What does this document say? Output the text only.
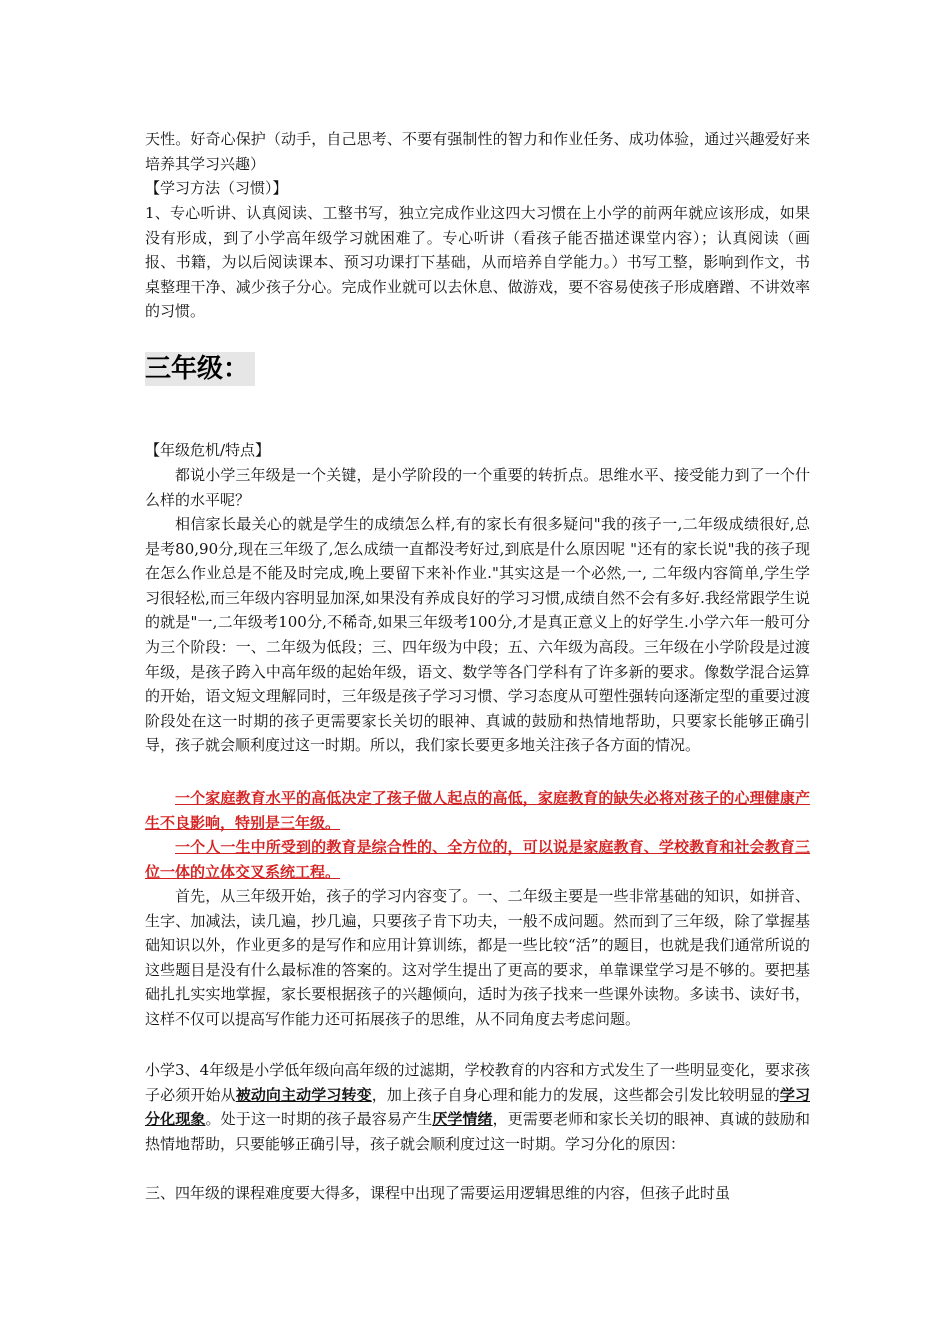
天性。好奇心保护（动手，自己思考、不要有强制性的智力和作业任务、成功体验，通过兴趣爱好来培养其学习兴趣）

【学习方法（习惯）】

1、专心听讲、认真阅读、工整书写，独立完成作业这四大习惯在上小学的前两年就应该形成，如果没有形成，到了小学高年级学习就困难了。专心听讲（看孩子能否描述课堂内容）；认真阅读（画报、书籍，为以后阅读课本、预习功课打下基础，从而培养自学能力。）书写工整，影响到作文，书桌整理干净、减少孩子分心。完成作业就可以去休息、做游戏，要不容易使孩子形成磨蹭、不讲效率的习惯。

三年级：

【年级危机/特点】

都说小学三年级是一个关键，是小学阶段的一个重要的转折点。思维水平、接受能力到了一个什么样的水平呢？

相信家长最关心的就是学生的成绩怎么样,有的家长有很多疑问"我的孩子一,二年级成绩很好,总是考80,90分,现在三年级了,怎么成绩一直都没考好过,到底是什么原因呢 "还有的家长说"我的孩子现在怎么作业总是不能及时完成,晚上要留下来补作业."其实这是一个必然,一, 二年级内容简单,学生学习很轻松,而三年级内容明显加深,如果没有养成良好的学习习惯,成绩自然不会有多好.我经常跟学生说的就是"一,二年级考100分,不稀奇,如果三年级考100分,才是真正意义上的好学生.小学六年一般可分为三个阶段：一、二年级为低段；三、四年级为中段；五、六年级为高段。三年级在小学阶段是过渡年级，是孩子跨入中高年级的起始年级，语文、数学等各门学科有了许多新的要求。像数学混合运算的开始，语文短文理解同时，三年级是孩子学习习惯、学习态度从可塑性强转向逐渐定型的重要过渡阶段处在这一时期的孩子更需要家长关切的眼神、真诚的鼓励和热情地帮助，只要家长能够正确引导，孩子就会顺利度过这一时期。所以，我们家长要更多地关注孩子各方面的情况。

一个家庭教育水平的高低决定了孩子做人起点的高低，家庭教育的缺失必将对孩子的心理健康产生不良影响，特别是三年级。

一个人一生中所受到的教育是综合性的、全方位的，可以说是家庭教育、学校教育和社会教育三位一体的立体交叉系统工程。

首先，从三年级开始，孩子的学习内容变了。一、二年级主要是一些非常基础的知识，如拼音、生字、加减法，读几遍，抄几遍，只要孩子肯下功夫，一般不成问题。然而到了三年级，除了掌握基础知识以外，作业更多的是写作和应用计算训练，都是一些比较“活”的题目，也就是我们通常所说的这些题目是没有什么最标准的答案的。这对学生提出了更高的要求，单靠课堂学习是不够的。要把基础扎扎实实地掌握，家长要根据孩子的兴趣倾向，适时为孩子找来一些课外读物。多读书、读好书，这样不仅可以提高写作能力还可拓展孩子的思维，从不同角度去考虑问题。

小学3、4年级是小学低年级向高年级的过滤期，学校教育的内容和方式发生了一些明显变化，要求孩子必须开始从被动向主动学习转变，加上孩子自身心理和能力的发展，这些都会引发比较明显的学习分化现象。处于这一时期的孩子最容易产生厌学情绪，更需要老师和家长关切的眼神、真诚的鼓励和热情地帮助，只要能够正确引导，孩子就会顺利度过这一时期。学习分化的原因：

三、四年级的课程难度要大得多，课程中出现了需要运用逻辑思维的内容，但孩子此时虽
